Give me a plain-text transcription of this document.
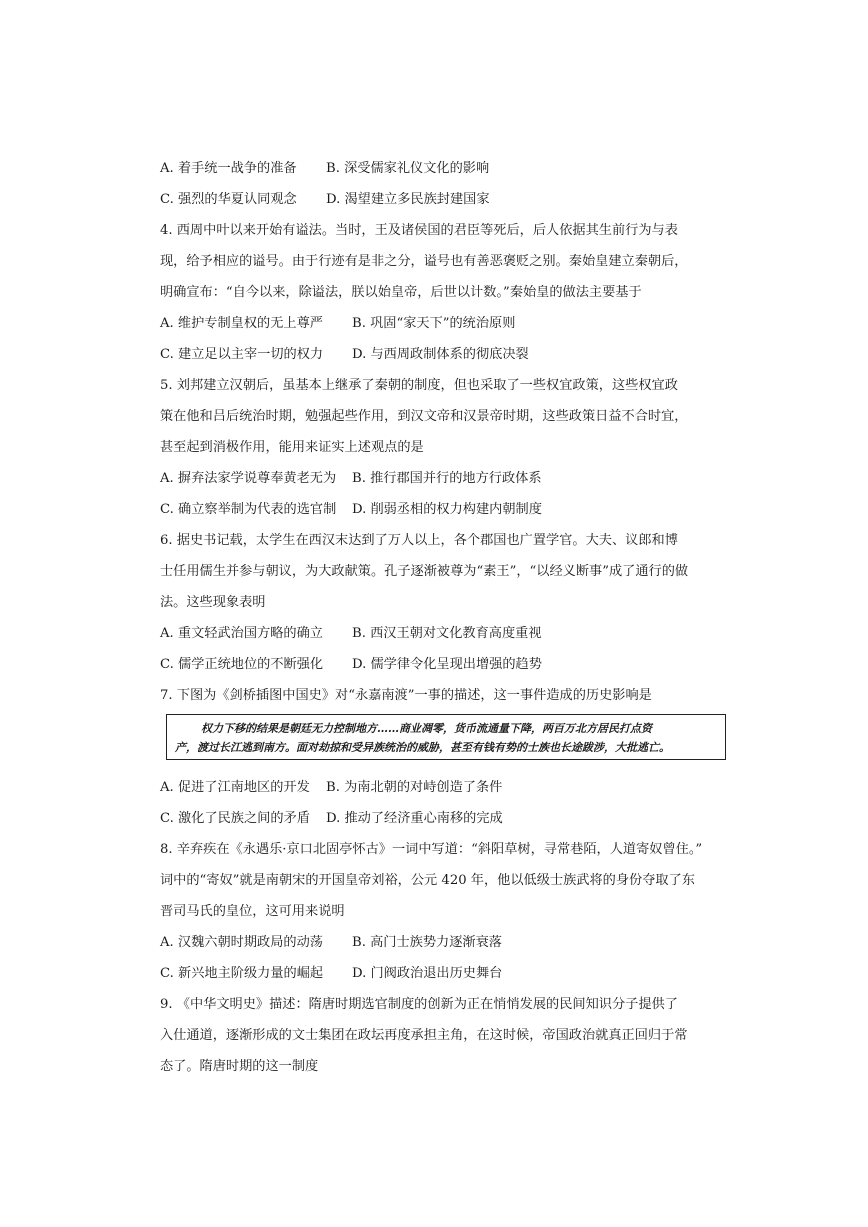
A. 着手统一战争的准备 B. 深受儒家礼仪文化的影响
C. 强烈的华夏认同观念 D. 渴望建立多民族封建国家
4. 西周中叶以来开始有谥法。当时，王及诸侯国的君臣等死后，后人依据其生前行为与表
现，给予相应的谥号。由于行迹有是非之分，谥号也有善恶褒贬之别。秦始皇建立秦朝后，
明确宣布：“自今以来，除谥法，朕以始皇帝，后世以计数。”秦始皇的做法主要基于
A. 维护专制皇权的无上尊严 B. 巩固“家天下”的统治原则
C. 建立足以主宰一切的权力 D. 与西周政制体系的彻底决裂
5. 刘邦建立汉朝后，虽基本上继承了秦朝的制度，但也采取了一些权宜政策，这些权宜政
策在他和吕后统治时期，勉强起些作用，到汉文帝和汉景帝时期，这些政策日益不合时宜，
甚至起到消极作用，能用来证实上述观点的是
A. 摒弃法家学说尊奉黄老无为 B. 推行郡国并行的地方行政体系
C. 确立察举制为代表的选官制 D. 削弱丞相的权力构建内朝制度
6. 据史书记载，太学生在西汉末达到了万人以上，各个郡国也广置学官。大夫、议郎和博
士任用儒生并参与朝议，为大政献策。孔子逐渐被尊为“素王”，“以经义断事”成了通行的做
法。这些现象表明
A. 重文轻武治国方略的确立 B. 西汉王朝对文化教育高度重视
C. 儒学正统地位的不断强化 D. 儒学律令化呈现出增强的趋势
7. 下图为《剑桥插图中国史》对“永嘉南渡”一事的描述，这一事件造成的历史影响是
权力下移的结果是朝廷无力控制地方……商业凋零，货币流通量下降，两百万北方居民打点资
产，渡过长江逃到南方。面对劫掠和受异族统治的威胁，甚至有钱有势的士族也长途跋涉，大批逃亡。
A. 促进了江南地区的开发 B. 为南北朝的对峙创造了条件
C. 激化了民族之间的矛盾 D. 推动了经济重心南移的完成
8. 辛弃疾在《永遇乐·京口北固亭怀古》一词中写道：“斜阳草树，寻常巷陌，人道寄奴曾住。”
词中的“寄奴”就是南朝宋的开国皇帝刘裕，公元 420 年，他以低级士族武将的身份夺取了东
晋司马氏的皇位，这可用来说明
A. 汉魏六朝时期政局的动荡 B. 高门士族势力逐渐衰落
C. 新兴地主阶级力量的崛起 D. 门阀政治退出历史舞台
9. 《中华文明史》描述：隋唐时期选官制度的创新为正在悄悄发展的民间知识分子提供了
入仕通道，逐渐形成的文士集团在政坛再度承担主角，在这时候，帝国政治就真正回归于常
态了。隋唐时期的这一制度
